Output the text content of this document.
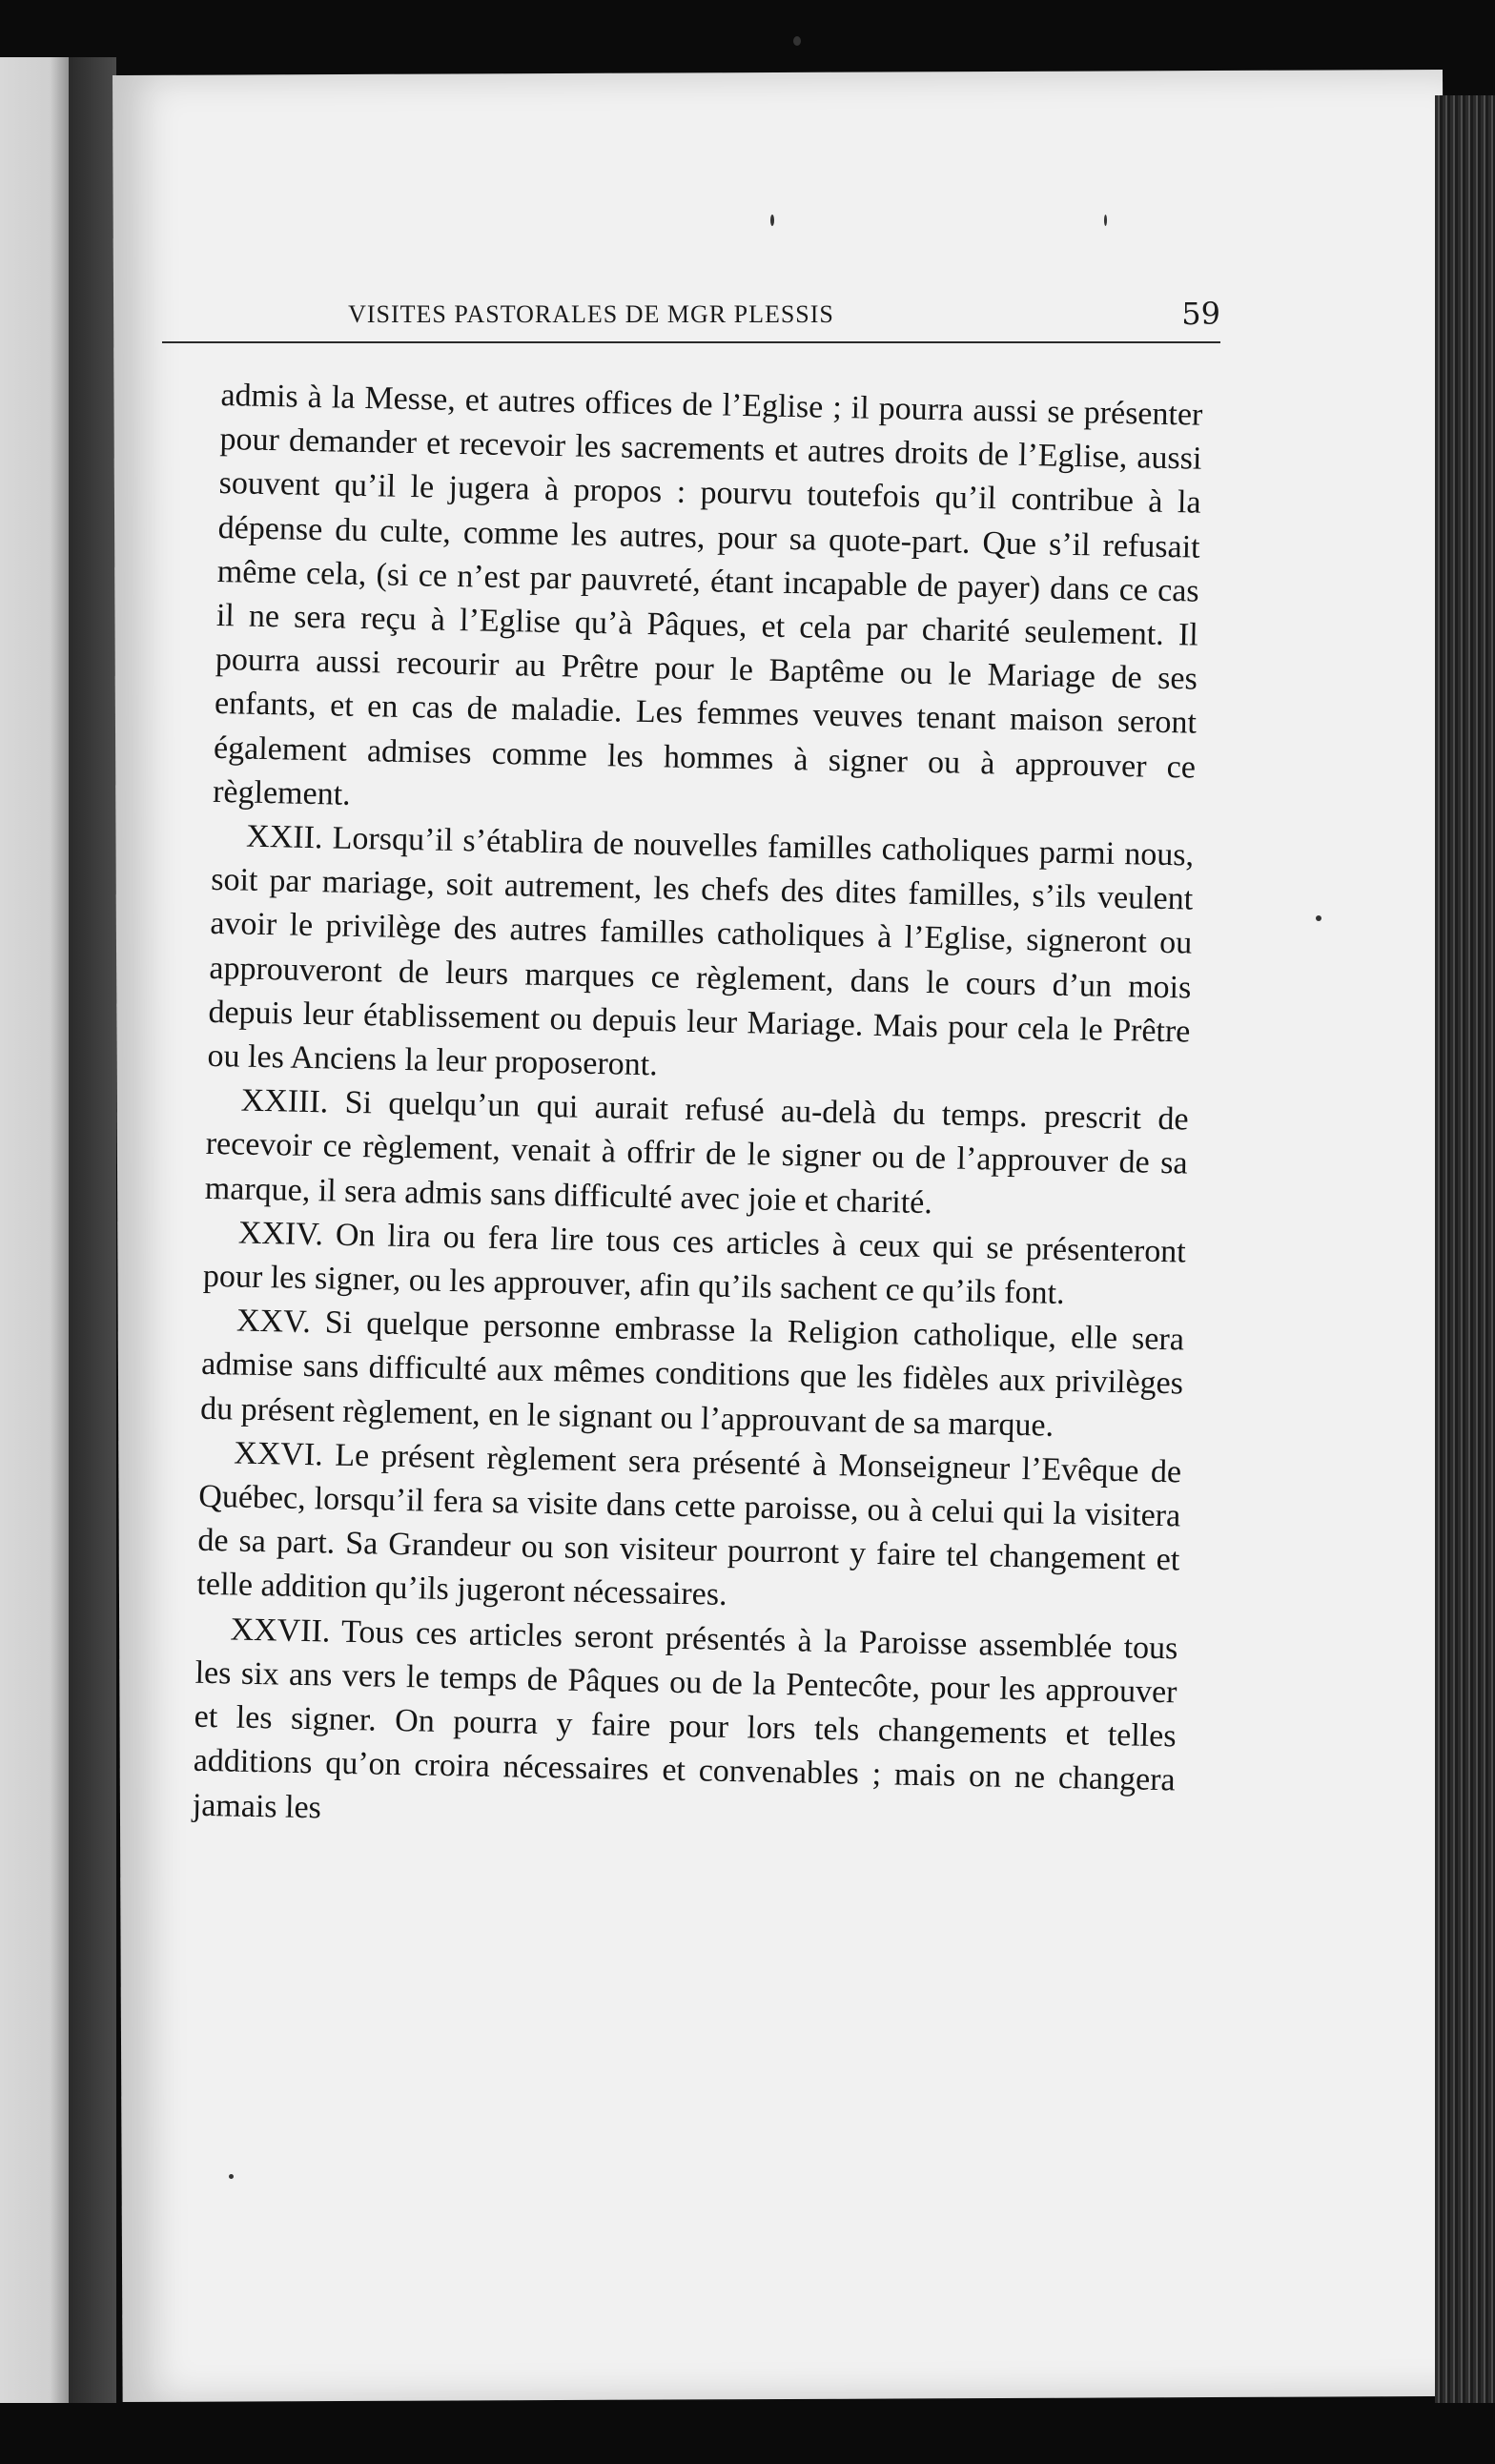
VISITES PASTORALES DE MGR PLESSIS	59

admis à la Messe, et autres offices de l’Eglise ; il pourra aussi se présenter pour demander et recevoir les sacrements et autres droits de l’Eglise, aussi souvent qu’il le jugera à propos : pourvu toutefois qu’il contribue à la dépense du culte, comme les autres, pour sa quote-part. Que s’il refusait même cela, (si ce n’est par pauvreté, étant incapable de payer) dans ce cas il ne sera reçu à l’Eglise qu’à Pâques, et cela par charité seulement. Il pourra aussi recourir au Prêtre pour le Baptême ou le Mariage de ses enfants, et en cas de maladie. Les femmes veuves tenant maison seront également admises comme les hommes à signer ou à approuver ce règlement.

XXII. Lorsqu’il s’établira de nouvelles familles catholiques parmi nous, soit par mariage, soit autrement, les chefs des dites familles, s’ils veulent avoir le privilège des autres familles catholiques à l’Eglise, signeront ou approuveront de leurs marques ce règlement, dans le cours d’un mois depuis leur établissement ou depuis leur Mariage. Mais pour cela le Prêtre ou les Anciens la leur proposeront.

XXIII. Si quelqu’un qui aurait refusé au-delà du temps. prescrit de recevoir ce règlement, venait à offrir de le signer ou de l’approuver de sa marque, il sera admis sans difficulté avec joie et charité.

XXIV. On lira ou fera lire tous ces articles à ceux qui se présenteront pour les signer, ou les approuver, afin qu’ils sachent ce qu’ils font.

XXV. Si quelque personne embrasse la Religion catholique, elle sera admise sans difficulté aux mêmes conditions que les fidèles aux privilèges du présent règlement, en le signant ou l’approuvant de sa marque.

XXVI. Le présent règlement sera présenté à Monseigneur l’Evêque de Québec, lorsqu’il fera sa visite dans cette paroisse, ou à celui qui la visitera de sa part. Sa Grandeur ou son visiteur pourront y faire tel changement et telle addition qu’ils jugeront nécessaires.

XXVII. Tous ces articles seront présentés à la Paroisse assemblée tous les six ans vers le temps de Pâques ou de la Pentecôte, pour les approuver et les signer. On pourra y faire pour lors tels changements et telles additions qu’on croira nécessaires et convenables ; mais on ne changera jamais les
